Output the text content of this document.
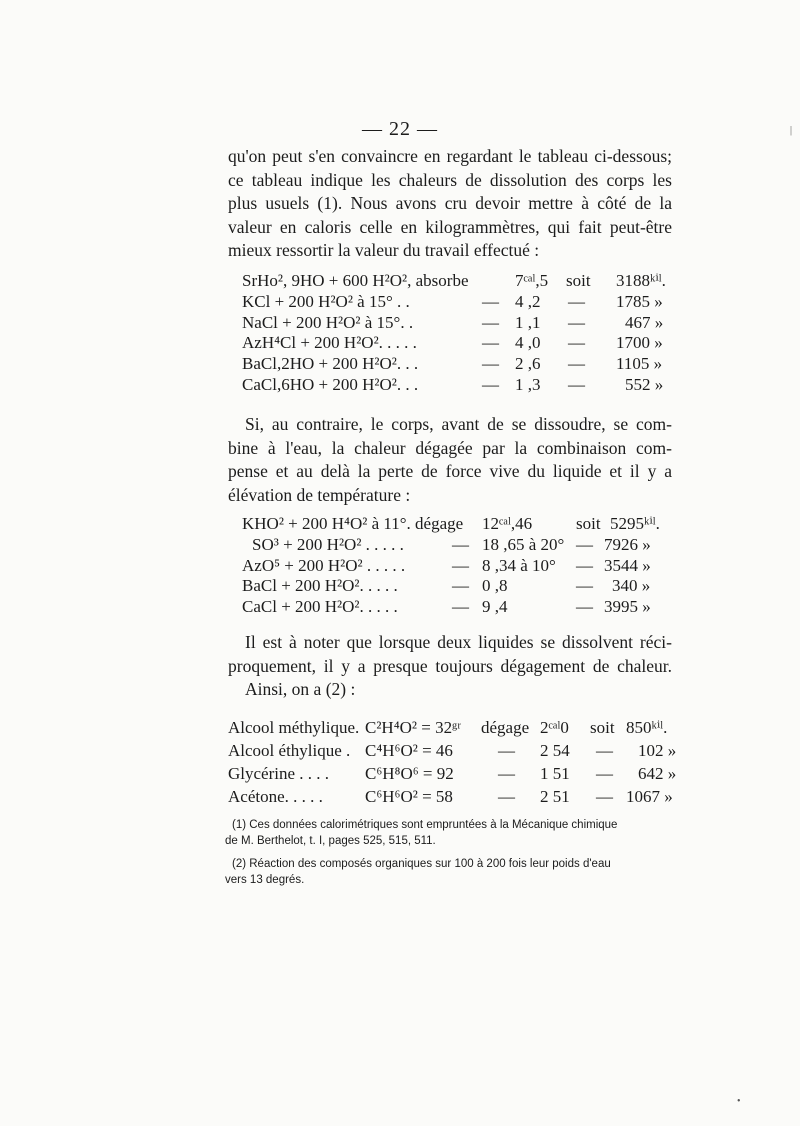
— 22 —
qu'on peut s'en convaincre en regardant le tableau ci-dessous;
ce tableau indique les chaleurs de dissolution des corps les
plus usuels (1). Nous avons cru devoir mettre à côté de la
valeur en caloris celle en kilogrammètres, qui fait peut-être
mieux ressortir la valeur du travail effectué :
SrHo², 9HO + 600 H²O², absorbe	7ᶜᵃˡ,5 soit 3188ᵏⁱˡ.
KCl + 200 H²O² à 15° . .	— 4 ,2 — 1785 »
NaCl + 200 H²O² à 15°. .	— 1 ,1 — 467 »
AzH⁴Cl + 200 H²O². . . . .	— 4 ,0 — 1700 »
BaCl,2HO + 200 H²O². . .	— 2 ,6 — 1105 »
CaCl,6HO + 200 H²O². . .	— 1 ,3 — 552 »
Si, au contraire, le corps, avant de se dissoudre, se com-
bine à l'eau, la chaleur dégagée par la combinaison com-
pense et au delà la perte de force vive du liquide et il y a
élévation de température :
KHO² + 200 H⁴O² à 11°. dégage 12ᶜᵃˡ,46	soit 5295ᵏⁱˡ.
SO³ + 200 H²O² . . . . .	— 18 ,65 à 20° — 7926 »
AzO⁵ + 200 H²O² . . . . .	— 8 ,34 à 10° — 3544 »
BaCl + 200 H²O². . . . .	— 0 ,8	— 340 »
CaCl + 200 H²O². . . . .	— 9 ,4	— 3995 »
Il est à noter que lorsque deux liquides se dissolvent réci-
proquement, il y a presque toujours dégagement de chaleur.
Ainsi, on a (2) :
Alcool méthylique. C²H⁴O² = 32ᵍʳ dégage 2ᶜᵃˡ0 soit 850ᵏⁱˡ.
Alcool éthylique . C⁴H⁶O² = 46	— 2 54 — 102 »
Glycérine . . . . C⁶H⁸O⁶ = 92	— 1 51 — 642 »
Acétone. . . . . C⁶H⁶O² = 58	— 2 51 — 1067 »
(1) Ces données calorimétriques sont empruntées à la Mécanique chimique
de M. Berthelot, t. I, pages 525, 515, 511.
(2) Réaction des composés organiques sur 100 à 200 fois leur poids d'eau
vers 13 degrés.
|
•
